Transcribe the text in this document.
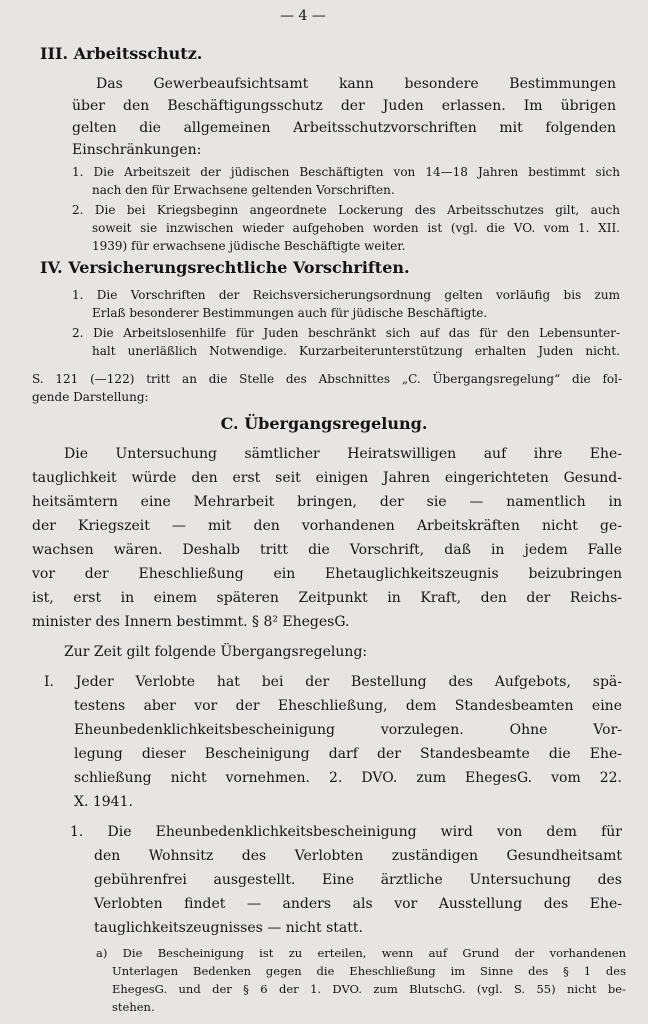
— 4 —
III. Arbeitsschutz.
Das Gewerbeaufsichtsamt kann besondere Bestimmungen
über den Beschäftigungsschutz der Juden erlassen. Im übrigen
gelten die allgemeinen Arbeitsschutzvorschriften mit folgenden
Einschränkungen:
1. Die Arbeitszeit der jüdischen Beschäftigten von 14—18 Jahren bestimmt sich
nach den für Erwachsene geltenden Vorschriften.
2. Die bei Kriegsbeginn angeordnete Lockerung des Arbeitsschutzes gilt, auch
soweit sie inzwischen wieder aufgehoben worden ist (vgl. die VO. vom 1. XII.
1939) für erwachsene jüdische Beschäftigte weiter.
IV. Versicherungsrechtliche Vorschriften.
1. Die Vorschriften der Reichsversicherungsordnung gelten vorläufig bis zum
Erlaß besonderer Bestimmungen auch für jüdische Beschäftigte.
2. Die Arbeitslosenhilfe für Juden beschränkt sich auf das für den Lebensunter-
halt unerläßlich Notwendige. Kurzarbeiterunterstützung erhalten Juden nicht.
S. 121 (—122) tritt an die Stelle des Abschnittes „C. Übergangsregelung“ die fol-
gende Darstellung:
C. Übergangsregelung.
Die Untersuchung sämtlicher Heiratswilligen auf ihre Ehe-
tauglichkeit würde den erst seit einigen Jahren eingerichteten Gesund-
heitsämtern eine Mehrarbeit bringen, der sie — namentlich in
der Kriegszeit — mit den vorhandenen Arbeitskräften nicht ge-
wachsen wären. Deshalb tritt die Vorschrift, daß in jedem Falle
vor der Eheschließung ein Ehetauglichkeitszeugnis beizubringen
ist, erst in einem späteren Zeitpunkt in Kraft, den der Reichs-
minister des Innern bestimmt. § 8² EhegesG.
Zur Zeit gilt folgende Übergangsregelung:
I. Jeder Verlobte hat bei der Bestellung des Aufgebots, spä-
testens aber vor der Eheschließung, dem Standesbeamten eine
Eheunbedenklichkeitsbescheinigung vorzulegen. Ohne Vor-
legung dieser Bescheinigung darf der Standesbeamte die Ehe-
schließung nicht vornehmen. 2. DVO. zum EhegesG. vom 22.
X. 1941.
1. Die Eheunbedenklichkeitsbescheinigung wird von dem für
den Wohnsitz des Verlobten zuständigen Gesundheitsamt
gebührenfrei ausgestellt. Eine ärztliche Untersuchung des
Verlobten findet — anders als vor Ausstellung des Ehe-
tauglichkeitszeugnisses — nicht statt.
a) Die Bescheinigung ist zu erteilen, wenn auf Grund der vorhandenen
Unterlagen Bedenken gegen die Eheschließung im Sinne des § 1 des
EhegesG. und der § 6 der 1. DVO. zum BlutschG. (vgl. S. 55) nicht be-
stehen.
